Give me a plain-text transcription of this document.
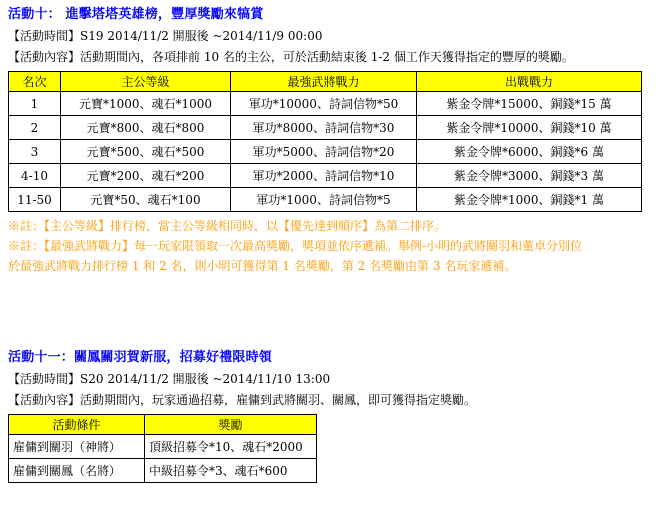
活動十： 進擊塔塔英雄榜，豐厚獎勵來犒賞
【活動時間】S19 2014/11/2 開服後 ~2014/11/9 00:00
【活動內容】活動期間內，各項排前 10 名的主公，可於活動結束後 1-2 個工作天獲得指定的豐厚的獎勵。
名次	主公等級	最強武將戰力	出戰戰力
1	元寶*1000、魂石*1000	軍功*10000、詩詞信物*50	紫金令牌*15000、銅錢*15 萬
2	元寶*800、魂石*800	軍功*8000、詩詞信物*30	紫金令牌*10000、銅錢*10 萬
3	元寶*500、魂石*500	軍功*5000、詩詞信物*20	紫金令牌*6000、銅錢*6 萬
4-10	元寶*200、魂石*200	軍功*2000、詩詞信物*10	紫金令牌*3000、銅錢*3 萬
11-50	元寶*50、魂石*100	軍功*1000、詩詞信物*5	紫金令牌*1000、銅錢*1 萬
※註：【主公等級】排行榜，當主公等級相同時，以【優先達到順序】為第二排序。
※註：【最強武將戰力】每一玩家限領取一次最高獎勵，獎項並依序遞補。舉例-小明的武將關羽和董卓分別位
於最強武將戰力排行榜 1 和 2 名，則小明可獲得第 1 名獎勵，第 2 名獎勵由第 3 名玩家遞補。
活動十一：關鳳關羽賀新服，招募好禮限時領
【活動時間】S20 2014/11/2 開服後 ~2014/11/10 13:00
【活動內容】活動期間內，玩家通過招募，雇傭到武將關羽、關鳳，即可獲得指定獎勵。
活動條件	獎勵
雇傭到關羽（神將）	頂級招募令*10、魂石*2000
雇傭到關鳳（名將）	中級招募令*3、魂石*600
